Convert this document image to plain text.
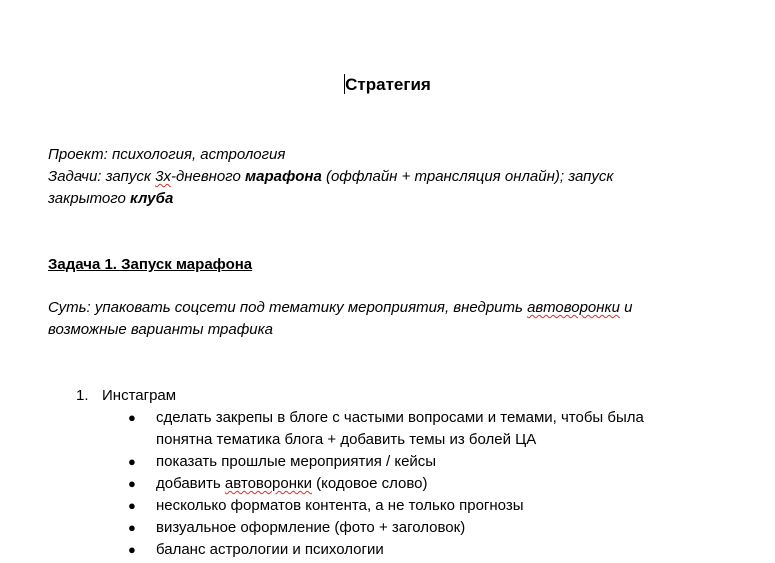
Стратегия
Проект: психология, астрология
Задачи: запуск 3х-дневного марафона (оффлайн + трансляция онлайн); запуск
закрытого клуба
Задача 1. Запуск марафона
Суть: упаковать соцсети под тематику мероприятия, внедрить автоворонки и
возможные варианты трафика
1. Инстаграм
● сделать закрепы в блоге с частыми вопросами и темами, чтобы была
понятна тематика блога + добавить темы из болей ЦА
● показать прошлые мероприятия / кейсы
● добавить автоворонки (кодовое слово)
● несколько форматов контента, а не только прогнозы
● визуальное оформление (фото + заголовок)
● баланс астрологии и психологии
